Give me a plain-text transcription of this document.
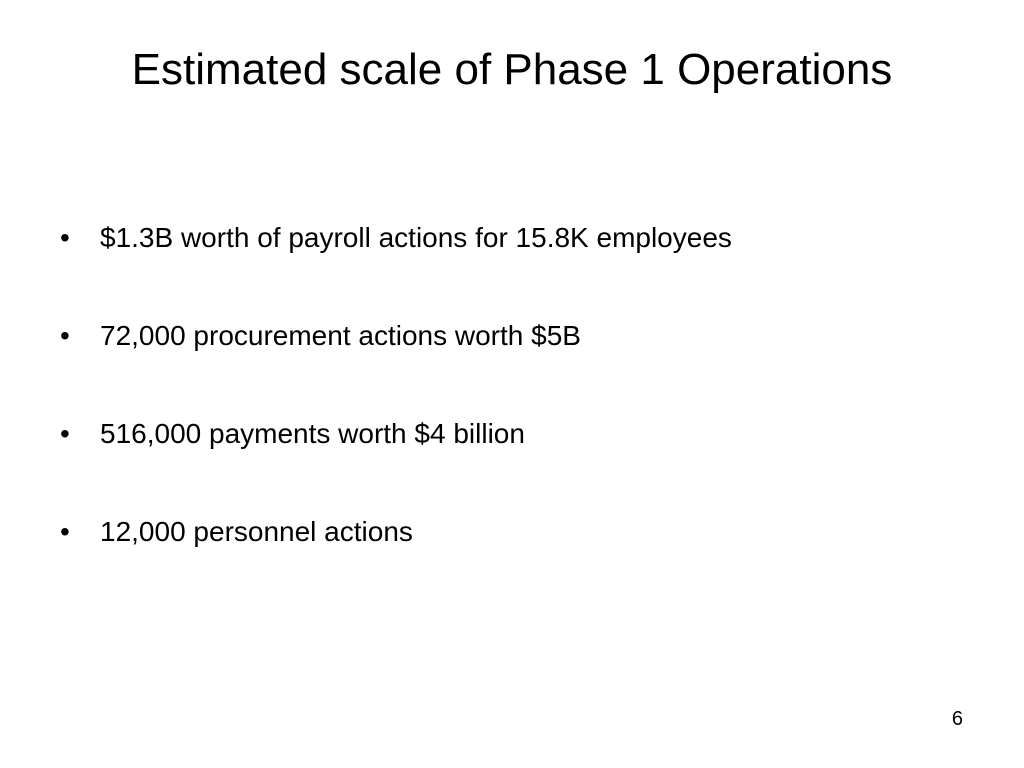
Estimated scale of Phase 1 Operations
•	$1.3B worth of payroll actions for 15.8K employees
•	72,000 procurement actions worth $5B
•	516,000 payments worth $4 billion
•	12,000 personnel actions
6
